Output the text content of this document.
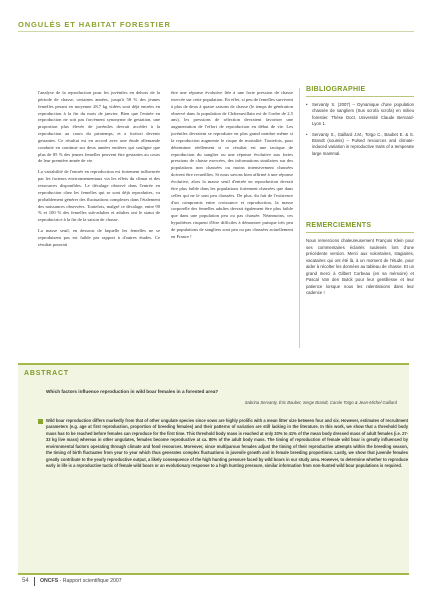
ONGULÉS ET HABITAT FORESTIER

l'analyse de la reproduction pour les juvéniles en dehors de la période de chasse, certaines années, jusqu'à 58 % des jeunes femelles pesant en moyenne 28,7 kg vidées sont déjà entrées en reproduction à la fin du mois de janvier. Bien que l'entrée en reproduction ne soit pas forcément synonyme de gestation, une proportion plus élevée de juvéniles devrait accéder à la reproduction au cours du printemps, et a fortiori devenir gestantes. Ce résultat est en accord avec une étude allemande conduite en continue sur deux années entières qui souligne que plus de 85 % des jeunes femelles peuvent être gestantes au cours de leur première année de vie.

La variabilité de l'entrée en reproduction est fortement influencée par les facteurs environnementaux via les effets du climat et des ressources disponibles. Le décalage observé dans l'entrée en reproduction chez les femelles qui se sont déjà reproduites, va probablement générer des fluctuations complexes dans l'étalement des naissances observées. Toutefois, malgré ce décalage, entre 90 % et 100 % des femelles sub-adultes et adultes ont le statut de reproductrice à la fin de la saison de chasse.

La masse seuil, en dessous de laquelle les femelles ne se reproduisent pas est faible par rapport à d'autres études. Ce résultat pourrait

être une réponse évolutive liée à une forte pression de chasse exercée sur cette population. En effet, si peu de femelles survivent à plus de deux à quatre saisons de chasse (le temps de génération observé dans la population de Châteauvillain est de l'ordre de 2,5 ans), les pressions de sélection devraient favoriser une augmentation de l'effort de reproduction en début de vie. Les juvéniles devraient se reproduire en plus grand nombre même si la reproduction augmente le risque de mortalité. Toutefois, pour déterminer réellement si ce résultat est une tactique de reproduction du sanglier ou une réponse évolutive aux fortes pressions de chasse exercées, des informations similaires sur des populations non chassées ou moins intensivement chassées doivent être recueillies. Si nous savons bien affirmé à une réponse évolutive, alors la masse seuil d'entrée en reproduction devrait être plus faible dans les populations fortement chassées que dans celles qui ne le sont peu chassées. De plus, du fait de l'existence d'un compromis entre croissance et reproduction, la masse corporelle des femelles adultes devrait également être plus faible que dans une population peu ou pas chassée. Néanmoins, ces hypothèses risquent d'être difficiles à démontrer puisque très peu de populations de sangliers sont peu ou pas chassées actuellement en France !

BIBLIOGRAPHIE
• Servanty S. (2007) – Dynamique d'une population chassée de sangliers (Sus scrofa scrofa) en milieu forestier. Thèse Doct. Université Claude Bernard-Lyon 1.
• Servanty S., Gaillard J.M., Toïgo C., Baubet E. & S. Brandt (soumis) – Pulsed resources and climate-induced variation in reproductive traits of a temperate large mammal.
REMERCIEMENTS
Nous remercions chaleureusement François Klein pour ses commentaires éclairés soulevés lors d'une précédente version. Merci aux volontaires, stagiaires, vacataires qui ont été là, à un moment de l'étude, pour aider à récolter les données au tableau de chasse. Et un grand merci à Gilbert Corbeau (en sa mémoire) et Pascal Van den Bulck pour leur gentillesse et leur patience lorsque nous les ralentissions dans leur cadence !
ABSTRACT
Which factors influence reproduction in wild boar females in a forested area?
Sabrina Servanty, Éric Baubet, Serge Brandt, Carole Toïgo & Jean-Michel Gaillard
Wild boar reproduction differs markedly from that of other ungulate species since sows are highly prolific with a mean litter size between four and six. However, estimates of recruitment parameters (e.g. age at first reproduction, proportion of breeding females) and their patterns of variation are still lacking in the literature. In this work, we show that a threshold body mass has to be reached before females can reproduce for the first time. This threshold body mass is reached at only 33% to 41% of the mean body dressed mass of adult females (i.e. 27-33 kg live mass) whereas in other ungulates, females become reproductive at ca. 80% of the adult body mass. The timing of reproduction of female wild boar is greatly influenced by environmental factors operating through climate and food resources. Moreover, since multiparous females adjust the timing of their reproductive attempts within the breeding season, the timing of birth fluctuates from year to year which thus generates complex fluctuations in juvenile growth and in female breeding proportions. Lastly, we show that juvenile females greatly contribute to the yearly reproductive output, a likely consequence of the high hunting pressure faced by wild boars in our study area. However, to determine whether to reproduce early in life is a reproductive tactic of female wild boars or an evolutionary response to a high hunting pressure, similar information from non-hunted wild boar populations is required.
54 ONCFS - Rapport scientifique 2007
